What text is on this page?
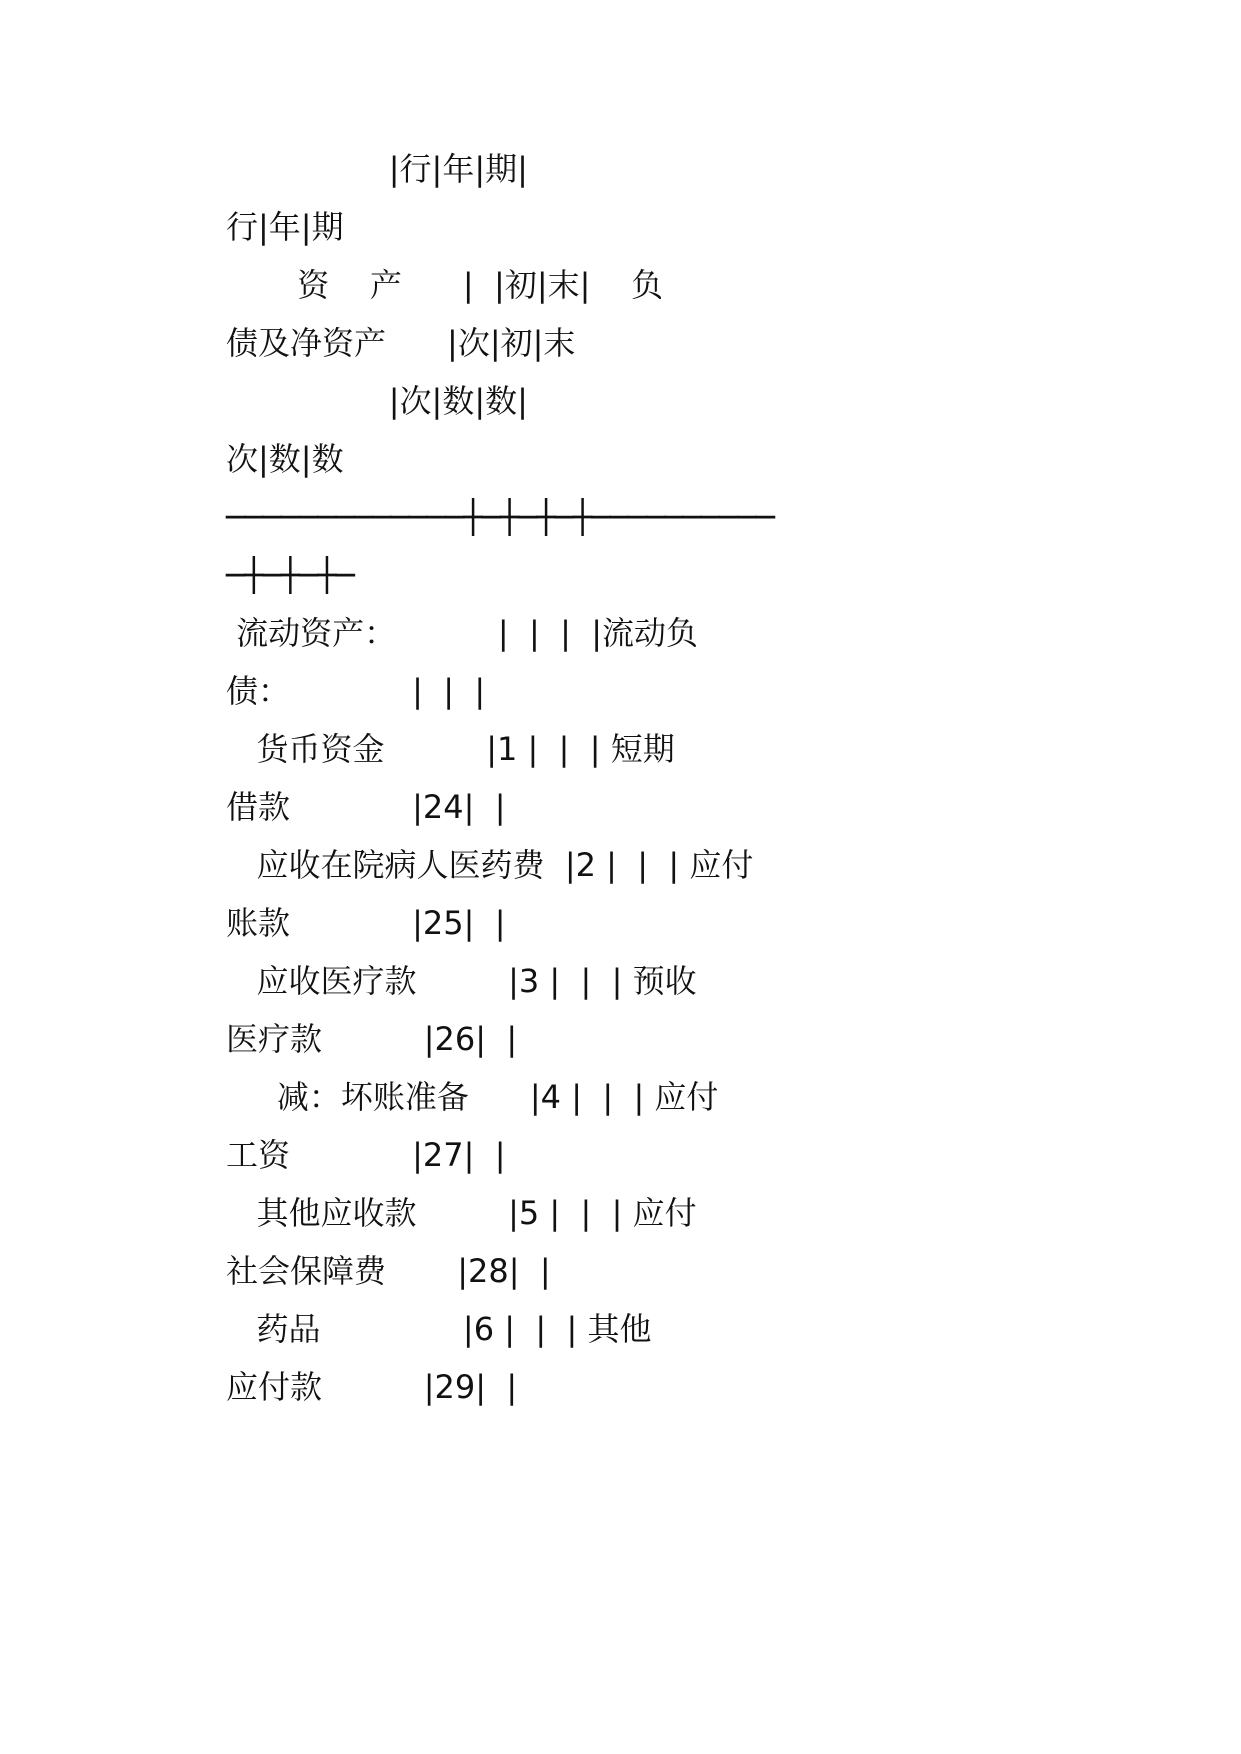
|行|年|期|
行|年|期
资    产      |  |初|末|    负
债及净资产      |次|初|末
|次|数|数|
次|数|数
─────────────┼─┼─┼─┼──────────
─┼─┼─┼─
流动资产：          |  |  |  |流动负
债：            |  |  |
货币资金          |1 |  |  | 短期
借款            |24|  |
应收在院病人医药费  |2 |  |  | 应付
账款            |25|  |
应收医疗款         |3 |  |  | 预收
医疗款          |26|  |
减：坏账准备      |4 |  |  | 应付
工资            |27|  |
其他应收款         |5 |  |  | 应付
社会保障费       |28|  |
药品              |6 |  |  | 其他
应付款          |29|  |
